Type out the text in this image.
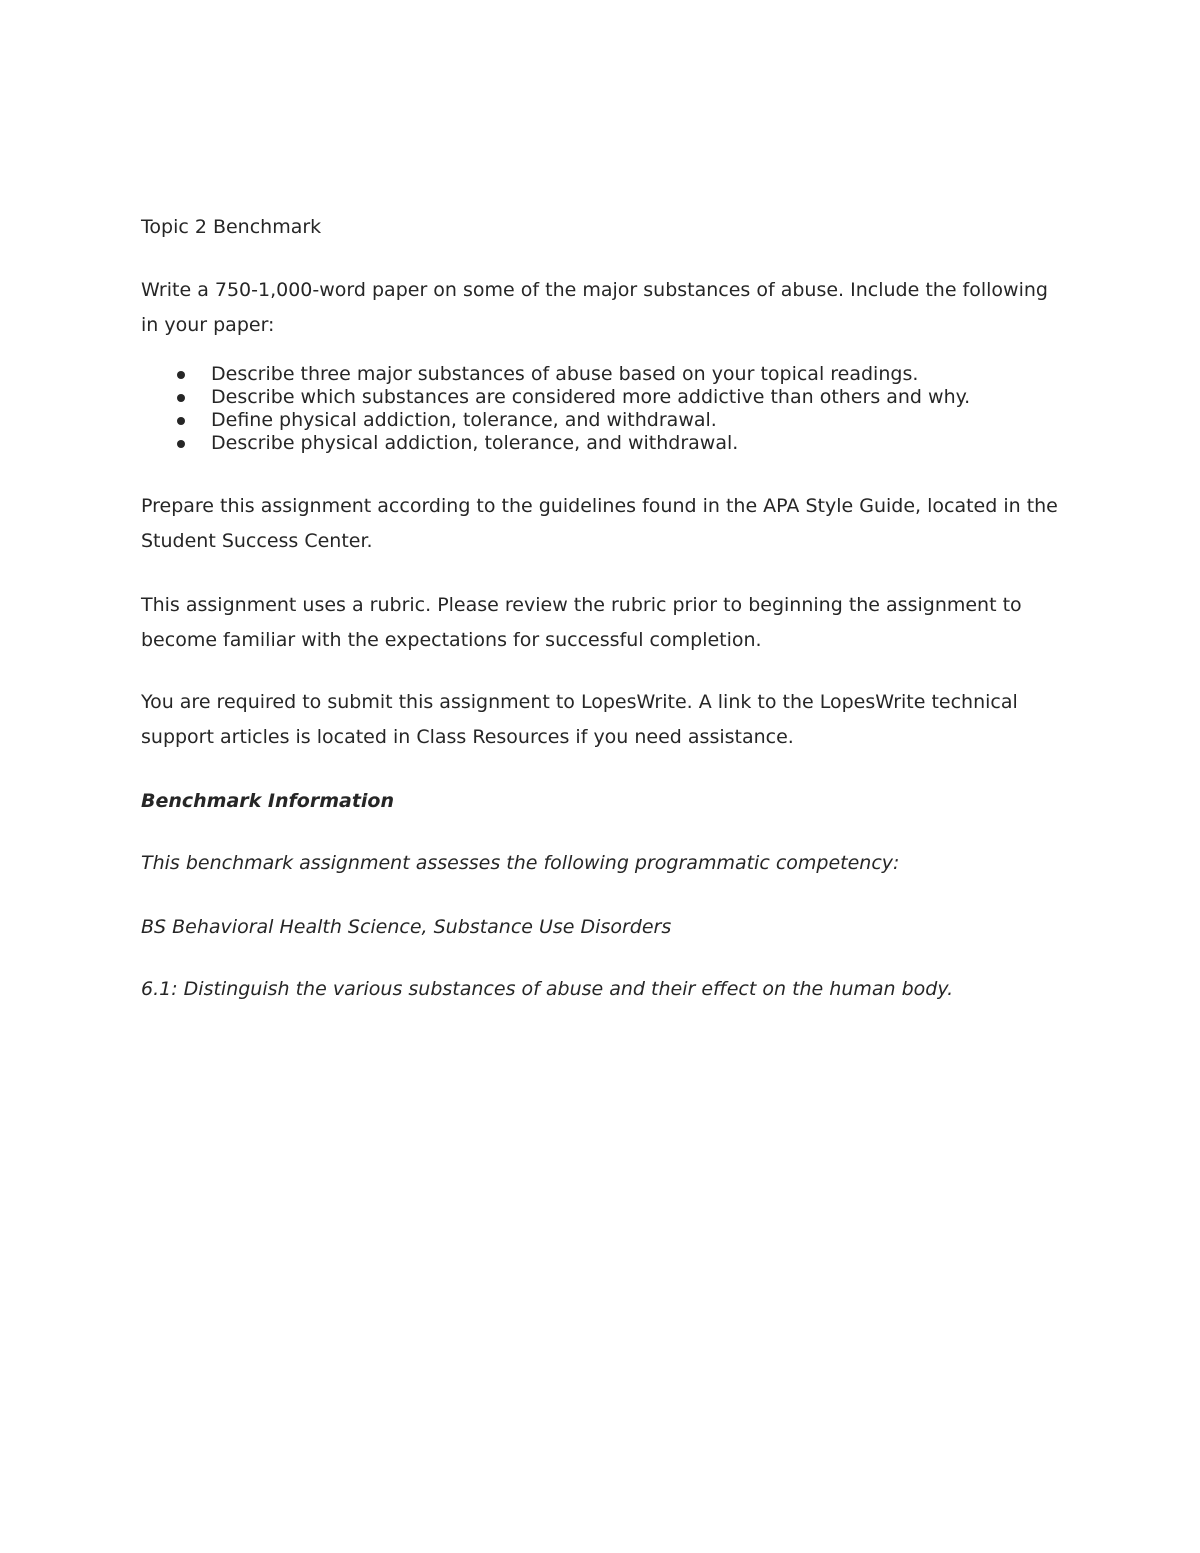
Topic 2 Benchmark

Write a 750-1,000-word paper on some of the major substances of abuse. Include the following in your paper:

Describe three major substances of abuse based on your topical readings.
Describe which substances are considered more addictive than others and why.
Define physical addiction, tolerance, and withdrawal.
Describe physical addiction, tolerance, and withdrawal.

Prepare this assignment according to the guidelines found in the APA Style Guide, located in the Student Success Center.

This assignment uses a rubric. Please review the rubric prior to beginning the assignment to become familiar with the expectations for successful completion.

You are required to submit this assignment to LopesWrite. A link to the LopesWrite technical support articles is located in Class Resources if you need assistance.

Benchmark Information

This benchmark assignment assesses the following programmatic competency:

BS Behavioral Health Science, Substance Use Disorders

6.1: Distinguish the various substances of abuse and their effect on the human body.
